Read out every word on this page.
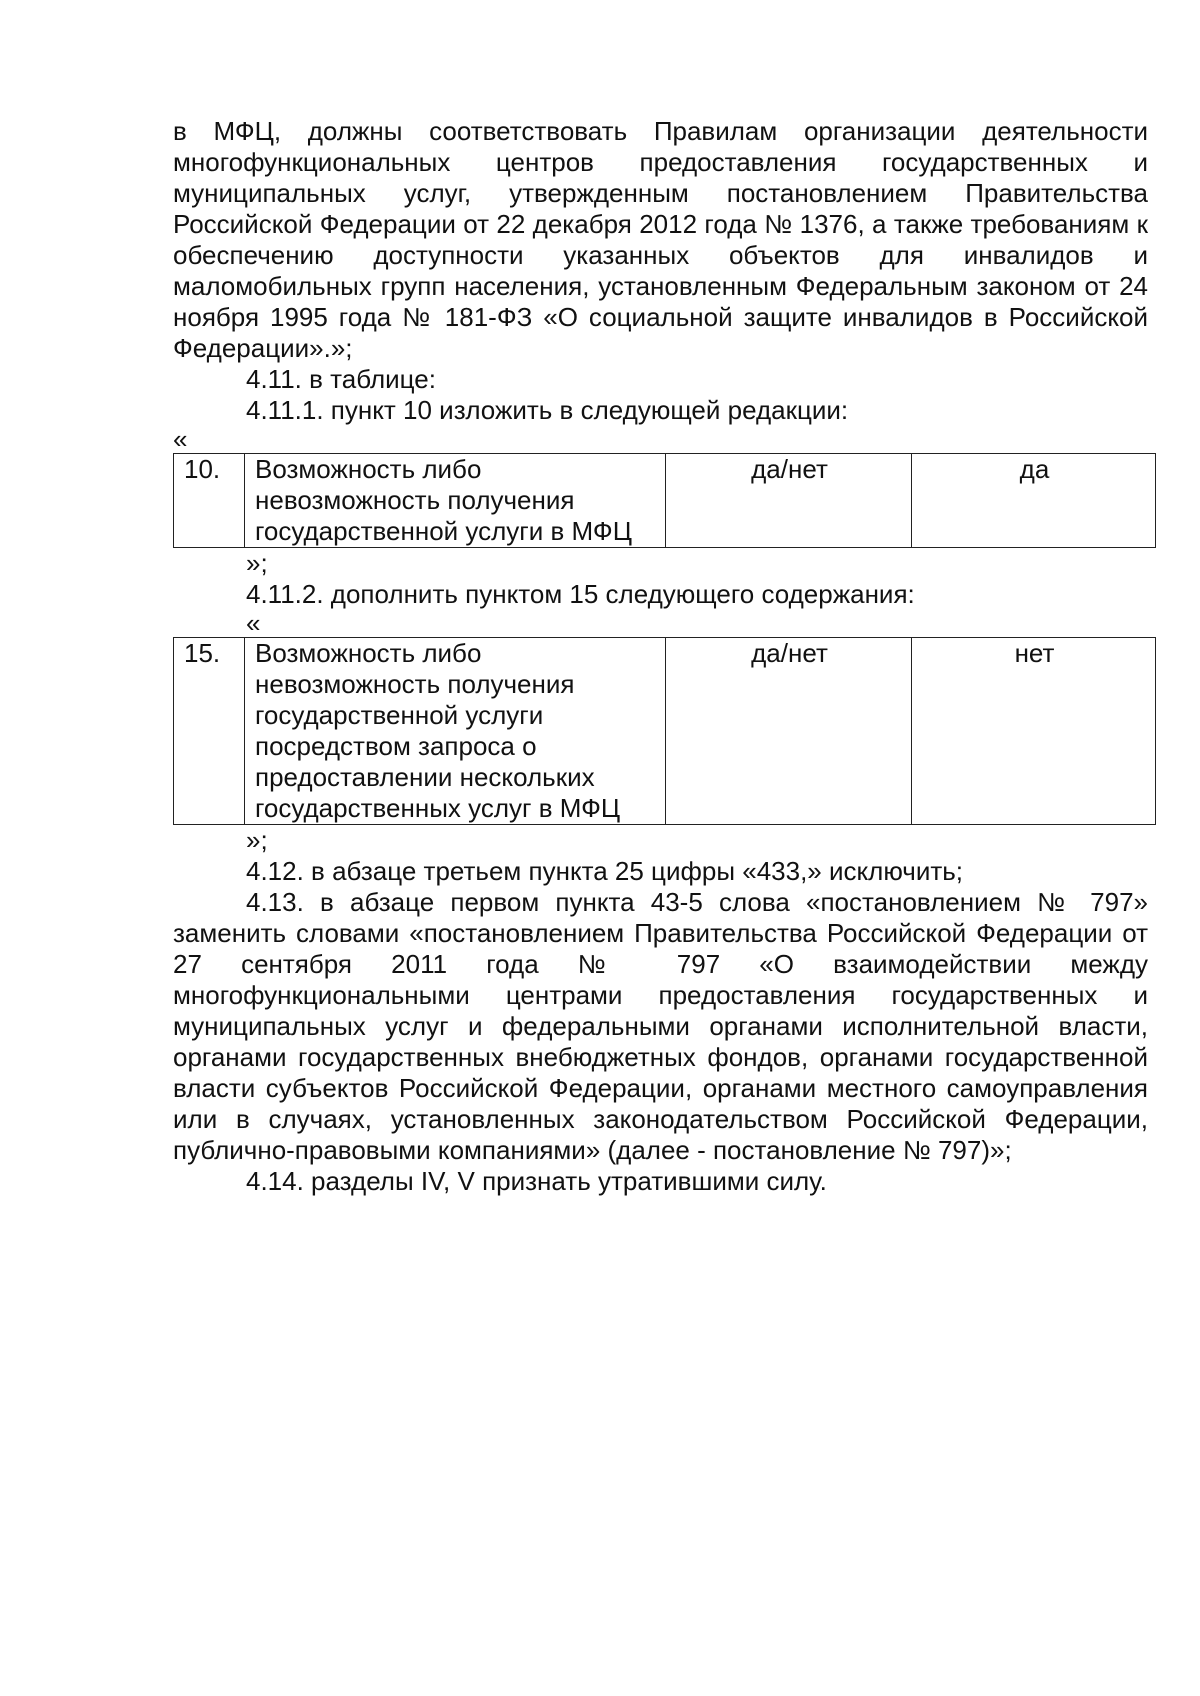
в МФЦ, должны соответствовать Правилам организации деятельности многофункциональных центров предоставления государственных и муниципальных услуг, утвержденным постановлением Правительства Российской Федерации от 22 декабря 2012 года № 1376, а также требованиям к обеспечению доступности указанных объектов для инвалидов и маломобильных групп населения, установленным Федеральным законом от 24 ноября 1995 года № 181-ФЗ «О социальной защите инвалидов в Российской Федерации».»;

4.11. в таблице:

4.11.1. пункт 10 изложить в следующей редакции:

«

10.	Возможность либо невозможность получения государственной услуги в МФЦ	да/нет	да

»;

4.11.2. дополнить пунктом 15 следующего содержания:

«

15.	Возможность либо невозможность получения государственной услуги посредством запроса о предоставлении нескольких государственных услуг в МФЦ	да/нет	нет

»;

4.12. в абзаце третьем пункта 25 цифры «433,» исключить;

4.13. в абзаце первом пункта 43-5 слова «постановлением № 797» заменить словами «постановлением Правительства Российской Федерации от 27 сентября 2011 года № 797 «О взаимодействии между многофункциональными центрами предоставления государственных и муниципальных услуг и федеральными органами исполнительной власти, органами государственных внебюджетных фондов, органами государственной власти субъектов Российской Федерации, органами местного самоуправления или в случаях, установленных законодательством Российской Федерации, публично-правовыми компаниями» (далее - постановление № 797)»;

4.14. разделы IV, V признать утратившими силу.
